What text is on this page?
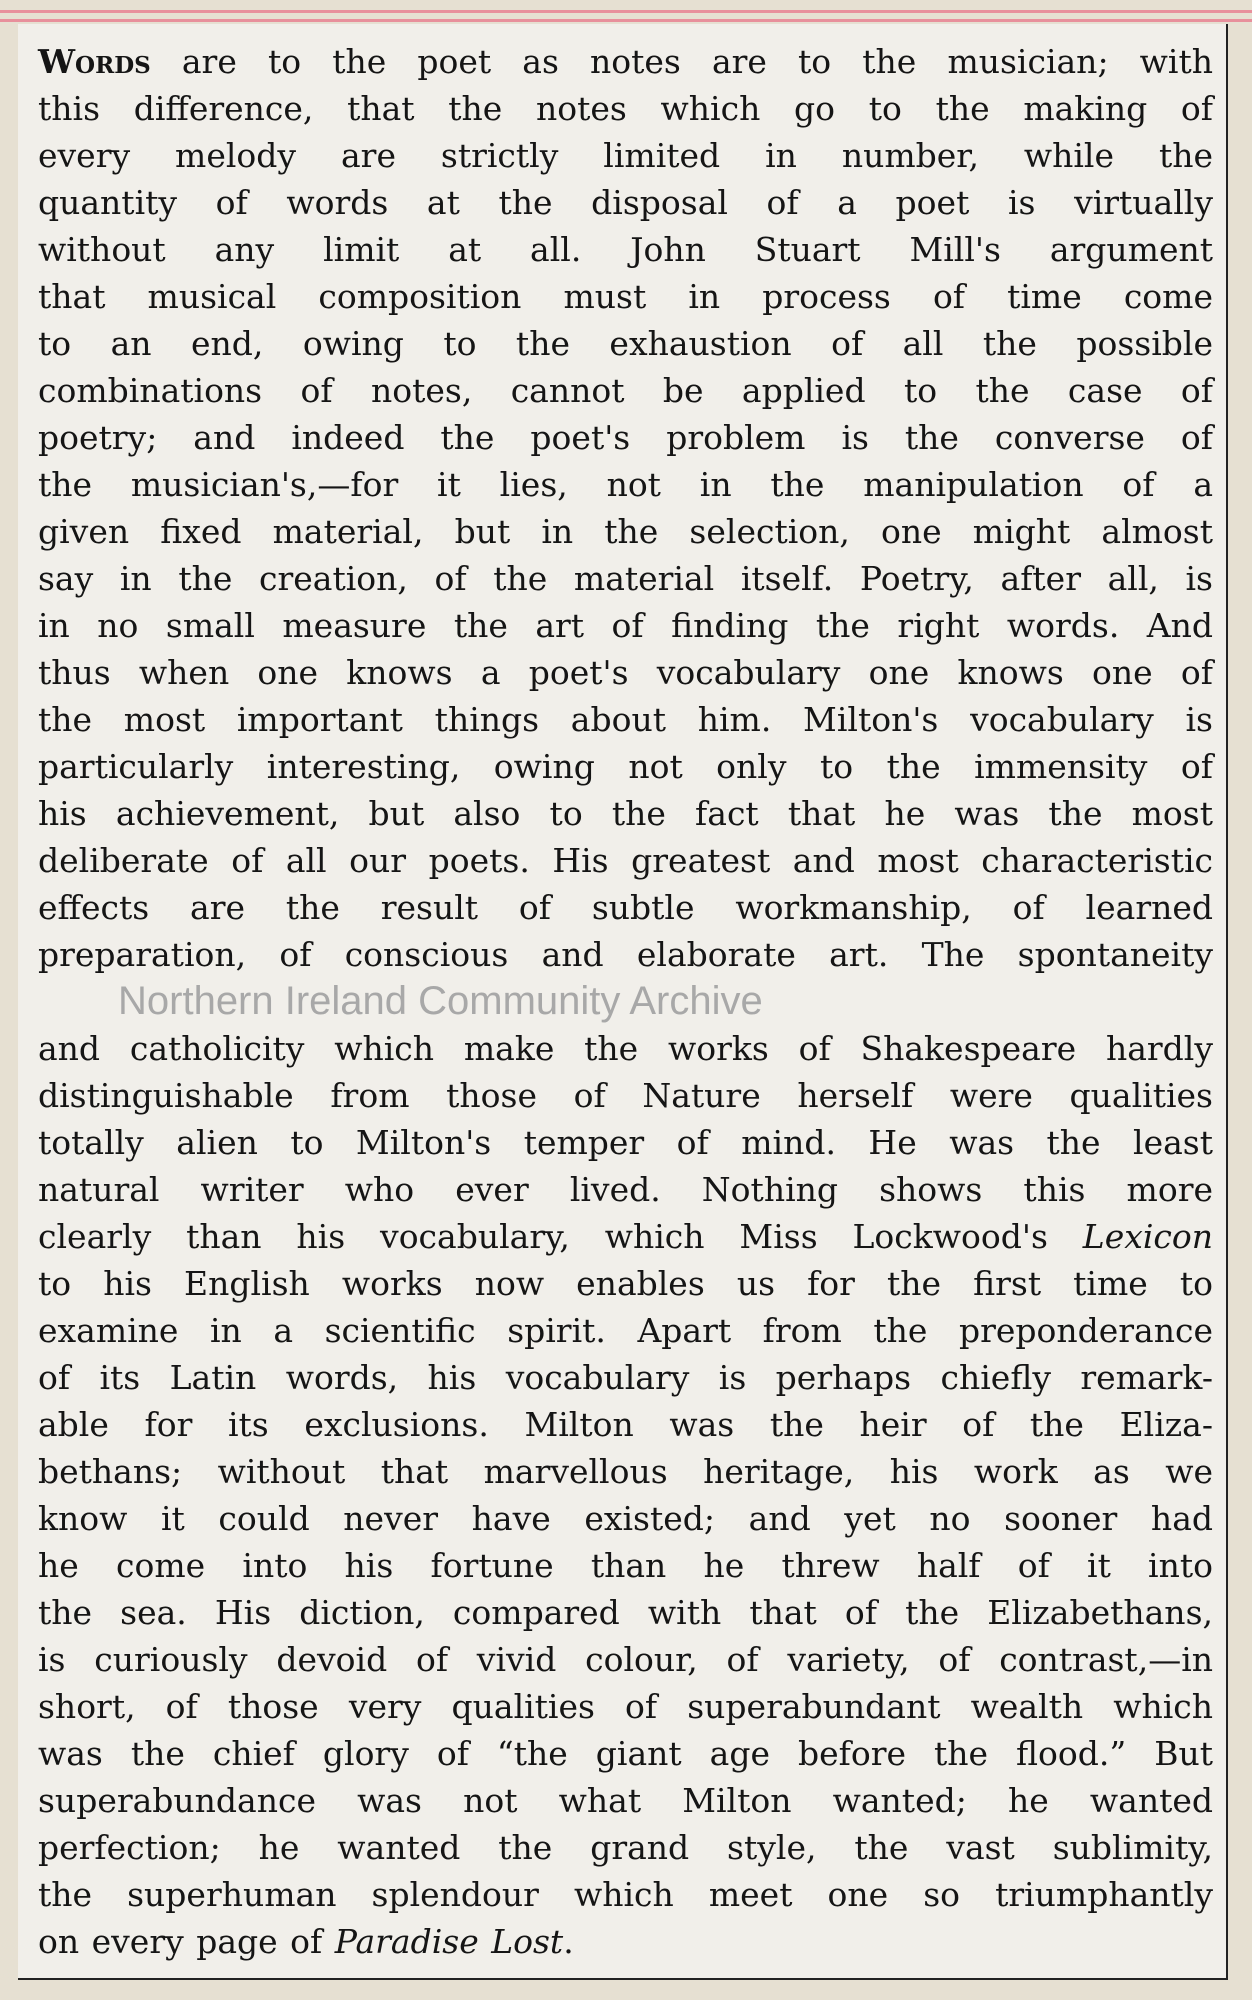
Words are to the poet as notes are to the musician; with
this difference, that the notes which go to the making of
every melody are strictly limited in number, while the
quantity of words at the disposal of a poet is virtually
without any limit at all. John Stuart Mill's argument
that musical composition must in process of time come
to an end, owing to the exhaustion of all the possible
combinations of notes, cannot be applied to the case of
poetry; and indeed the poet's problem is the converse of
the musician's,—for it lies, not in the manipulation of a
given fixed material, but in the selection, one might almost
say in the creation, of the material itself. Poetry, after all, is
in no small measure the art of finding the right words. And
thus when one knows a poet's vocabulary one knows one of
the most important things about him. Milton's vocabulary is
particularly interesting, owing not only to the immensity of
his achievement, but also to the fact that he was the most
deliberate of all our poets. His greatest and most characteristic
effects are the result of subtle workmanship, of learned
preparation, of conscious and elaborate art. The spontaneity
Northern Ireland Community Archive
and catholicity which make the works of Shakespeare hardly
distinguishable from those of Nature herself were qualities
totally alien to Milton's temper of mind. He was the least
natural writer who ever lived. Nothing shows this more
clearly than his vocabulary, which Miss Lockwood's Lexicon
to his English works now enables us for the first time to
examine in a scientific spirit. Apart from the preponderance
of its Latin words, his vocabulary is perhaps chiefly remark-
able for its exclusions. Milton was the heir of the Eliza-
bethans; without that marvellous heritage, his work as we
know it could never have existed; and yet no sooner had
he come into his fortune than he threw half of it into
the sea. His diction, compared with that of the Elizabethans,
is curiously devoid of vivid colour, of variety, of contrast,—in
short, of those very qualities of superabundant wealth which
was the chief glory of “the giant age before the flood.” But
superabundance was not what Milton wanted; he wanted
perfection; he wanted the grand style, the vast sublimity,
the superhuman splendour which meet one so triumphantly
on every page of Paradise Lost.
